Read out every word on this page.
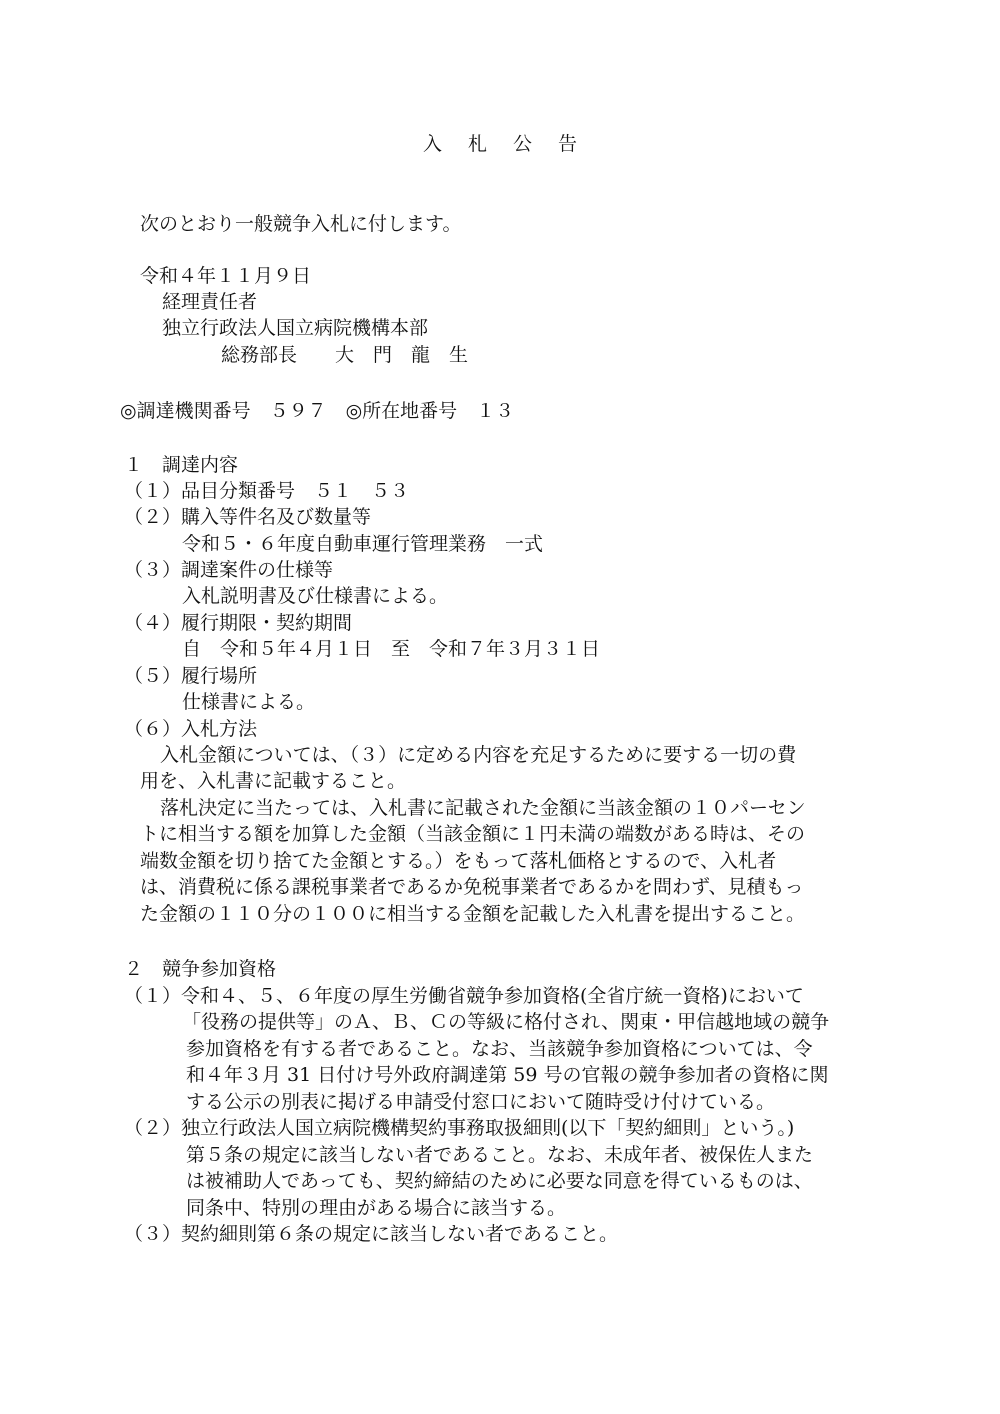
入札公告
次のとおり一般競争入札に付します。
令和４年１１月９日
経理責任者
独立行政法人国立病院機構本部
総務部長　　大　門　龍　生
◎調達機関番号　５９７　◎所在地番号　１３
１　調達内容
（１）品目分類番号　５１　５３
（２）購入等件名及び数量等
令和５・６年度自動車運行管理業務　一式
（３）調達案件の仕様等
入札説明書及び仕様書による。
（４）履行期限・契約期間
自　令和５年４月１日　至　令和７年３月３１日
（５）履行場所
仕様書による。
（６）入札方法
入札金額については、（３）に定める内容を充足するために要する一切の費
用を、入札書に記載すること。
落札決定に当たっては、入札書に記載された金額に当該金額の１０パーセン
トに相当する額を加算した金額（当該金額に１円未満の端数がある時は、その
端数金額を切り捨てた金額とする。）をもって落札価格とするので、入札者
は、消費税に係る課税事業者であるか免税事業者であるかを問わず、見積もっ
た金額の１１０分の１００に相当する金額を記載した入札書を提出すること。
２　競争参加資格
（１）令和４、５、６年度の厚生労働省競争参加資格(全省庁統一資格)において
「役務の提供等」のＡ、Ｂ、Ｃの等級に格付され、関東・甲信越地域の競争
参加資格を有する者であること。なお、当該競争参加資格については、令
和４年３月 31 日付け号外政府調達第 59 号の官報の競争参加者の資格に関
する公示の別表に掲げる申請受付窓口において随時受け付けている。
（２）独立行政法人国立病院機構契約事務取扱細則(以下「契約細則」という。)
第５条の規定に該当しない者であること。なお、未成年者、被保佐人また
は被補助人であっても、契約締結のために必要な同意を得ているものは、
同条中、特別の理由がある場合に該当する。
（３）契約細則第６条の規定に該当しない者であること。
